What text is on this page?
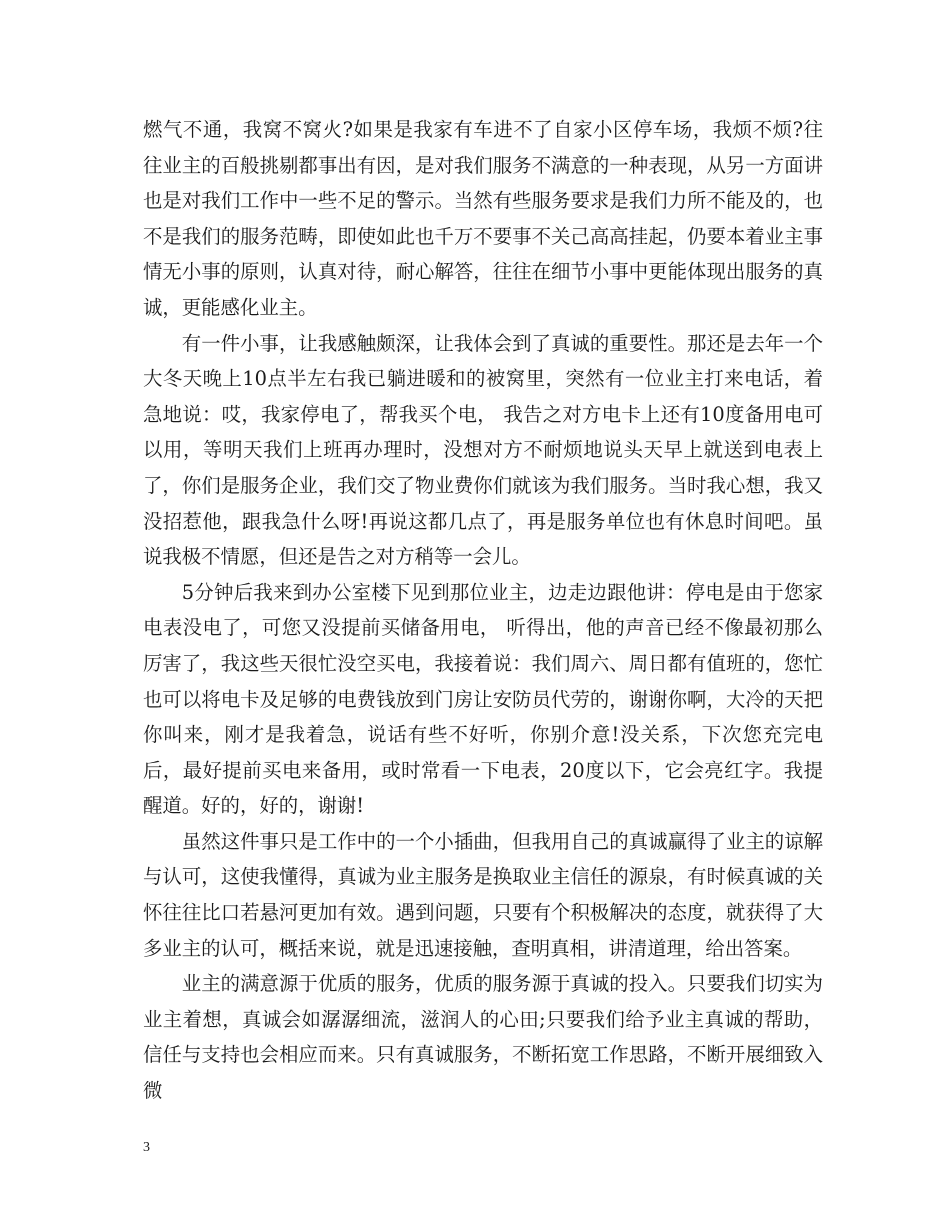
燃气不通，我窝不窝火?如果是我家有车进不了自家小区停车场，我烦不烦?往往业主的百般挑剔都事出有因，是对我们服务不满意的一种表现，从另一方面讲也是对我们工作中一些不足的警示。当然有些服务要求是我们力所不能及的，也不是我们的服务范畴，即使如此也千万不要事不关己高高挂起，仍要本着业主事情无小事的原则，认真对待，耐心解答，往往在细节小事中更能体现出服务的真诚，更能感化业主。

有一件小事，让我感触颇深，让我体会到了真诚的重要性。那还是去年一个大冬天晚上10点半左右我已躺进暖和的被窝里，突然有一位业主打来电话，着急地说：哎，我家停电了，帮我买个电， 我告之对方电卡上还有10度备用电可以用，等明天我们上班再办理时，没想对方不耐烦地说头天早上就送到电表上了，你们是服务企业，我们交了物业费你们就该为我们服务。当时我心想，我又没招惹他，跟我急什么呀!再说这都几点了，再是服务单位也有休息时间吧。虽说我极不情愿，但还是告之对方稍等一会儿。

5分钟后我来到办公室楼下见到那位业主，边走边跟他讲：停电是由于您家电表没电了，可您又没提前买储备用电， 听得出，他的声音已经不像最初那么厉害了，我这些天很忙没空买电，我接着说：我们周六、周日都有值班的，您忙也可以将电卡及足够的电费钱放到门房让安防员代劳的，谢谢你啊，大冷的天把你叫来，刚才是我着急，说话有些不好听，你别介意!没关系，下次您充完电后，最好提前买电来备用，或时常看一下电表，20度以下，它会亮红字。我提醒道。好的，好的，谢谢!

虽然这件事只是工作中的一个小插曲，但我用自己的真诚赢得了业主的谅解与认可，这使我懂得，真诚为业主服务是换取业主信任的源泉，有时候真诚的关怀往往比口若悬河更加有效。遇到问题，只要有个积极解决的态度，就获得了大多业主的认可，概括来说，就是迅速接触，查明真相，讲清道理，给出答案。

业主的满意源于优质的服务，优质的服务源于真诚的投入。只要我们切实为业主着想，真诚会如潺潺细流，滋润人的心田;只要我们给予业主真诚的帮助，信任与支持也会相应而来。只有真诚服务，不断拓宽工作思路，不断开展细致入微

3
